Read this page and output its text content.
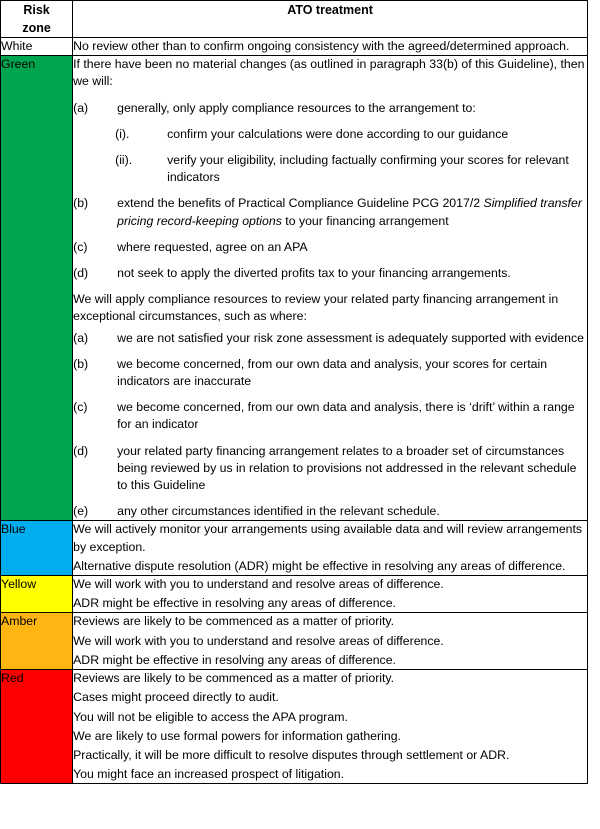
Risk
zone	ATO treatment
White	No review other than to confirm ongoing consistency with the agreed/determined approach.

Green	If there have been no material changes (as outlined in paragraph 33(b) of this Guideline), then we will:

(a)	generally, only apply compliance resources to the arrangement to:
(i).	confirm your calculations were done according to our guidance
(ii).	verify your eligibility, including factually confirming your scores for relevant indicators
(b)	extend the benefits of Practical Compliance Guideline PCG 2017/2 Simplified transfer pricing record-keeping options to your financing arrangement
(c)	where requested, agree on an APA
(d)	not seek to apply the diverted profits tax to your financing arrangements.

We will apply compliance resources to review your related party financing arrangement in exceptional circumstances, such as where:

(a)	we are not satisfied your risk zone assessment is adequately supported with evidence
(b)	we become concerned, from our own data and analysis, your scores for certain indicators are inaccurate
(c)	we become concerned, from our own data and analysis, there is ‘drift’ within a range for an indicator
(d)	your related party financing arrangement relates to a broader set of circumstances being reviewed by us in relation to provisions not addressed in the relevant schedule to this Guideline
(e)	any other circumstances identified in the relevant schedule.

Blue	We will actively monitor your arrangements using available data and will review arrangements by exception.

Alternative dispute resolution (ADR) might be effective in resolving any areas of difference.

Yellow	We will work with you to understand and resolve areas of difference.

ADR might be effective in resolving any areas of difference.

Amber	Reviews are likely to be commenced as a matter of priority.

We will work with you to understand and resolve areas of difference.

ADR might be effective in resolving any areas of difference.

Red	Reviews are likely to be commenced as a matter of priority.

Cases might proceed directly to audit.

You will not be eligible to access the APA program.

We are likely to use formal powers for information gathering.

Practically, it will be more difficult to resolve disputes through settlement or ADR.

You might face an increased prospect of litigation.
